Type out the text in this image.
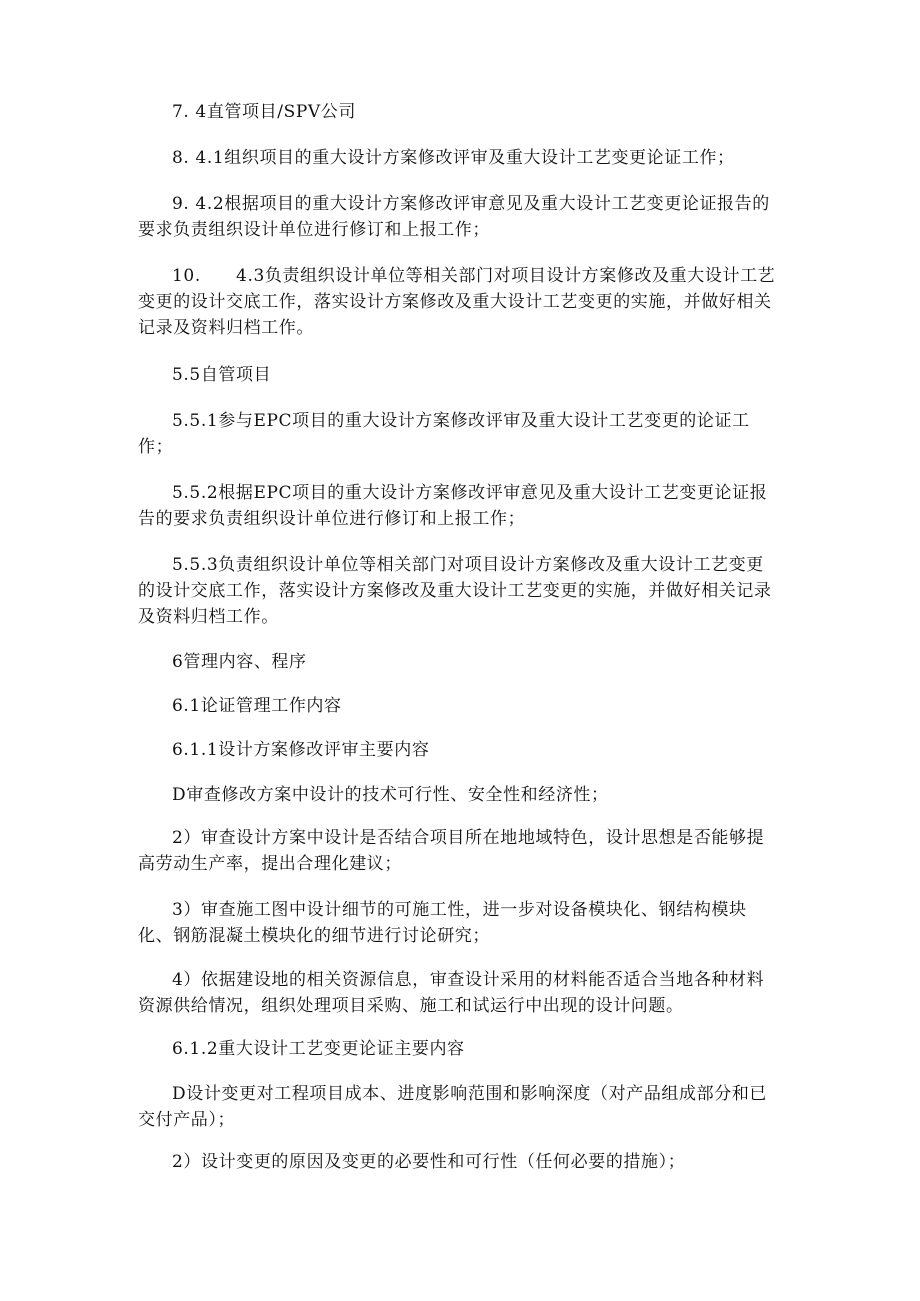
7. 4直管项目/SPV公司

8. 4.1组织项目的重大设计方案修改评审及重大设计工艺变更论证工作；

9. 4.2根据项目的重大设计方案修改评审意见及重大设计工艺变更论证报告的要求负责组织设计单位进行修订和上报工作；

10.　　4.3负责组织设计单位等相关部门对项目设计方案修改及重大设计工艺变更的设计交底工作，落实设计方案修改及重大设计工艺变更的实施，并做好相关记录及资料归档工作。

5.5自管项目

5.5.1参与EPC项目的重大设计方案修改评审及重大设计工艺变更的论证工作；

5.5.2根据EPC项目的重大设计方案修改评审意见及重大设计工艺变更论证报告的要求负责组织设计单位进行修订和上报工作；

5.5.3负责组织设计单位等相关部门对项目设计方案修改及重大设计工艺变更的设计交底工作，落实设计方案修改及重大设计工艺变更的实施，并做好相关记录及资料归档工作。

6管理内容、程序

6.1论证管理工作内容

6.1.1设计方案修改评审主要内容

D审查修改方案中设计的技术可行性、安全性和经济性；

2）审查设计方案中设计是否结合项目所在地地域特色，设计思想是否能够提高劳动生产率，提出合理化建议；

3）审查施工图中设计细节的可施工性，进一步对设备模块化、钢结构模块化、钢筋混凝土模块化的细节进行讨论研究；

4）依据建设地的相关资源信息，审查设计采用的材料能否适合当地各种材料资源供给情况，组织处理项目采购、施工和试运行中出现的设计问题。

6.1.2重大设计工艺变更论证主要内容

D设计变更对工程项目成本、进度影响范围和影响深度（对产品组成部分和已交付产品）；

2）设计变更的原因及变更的必要性和可行性（任何必要的措施）；
